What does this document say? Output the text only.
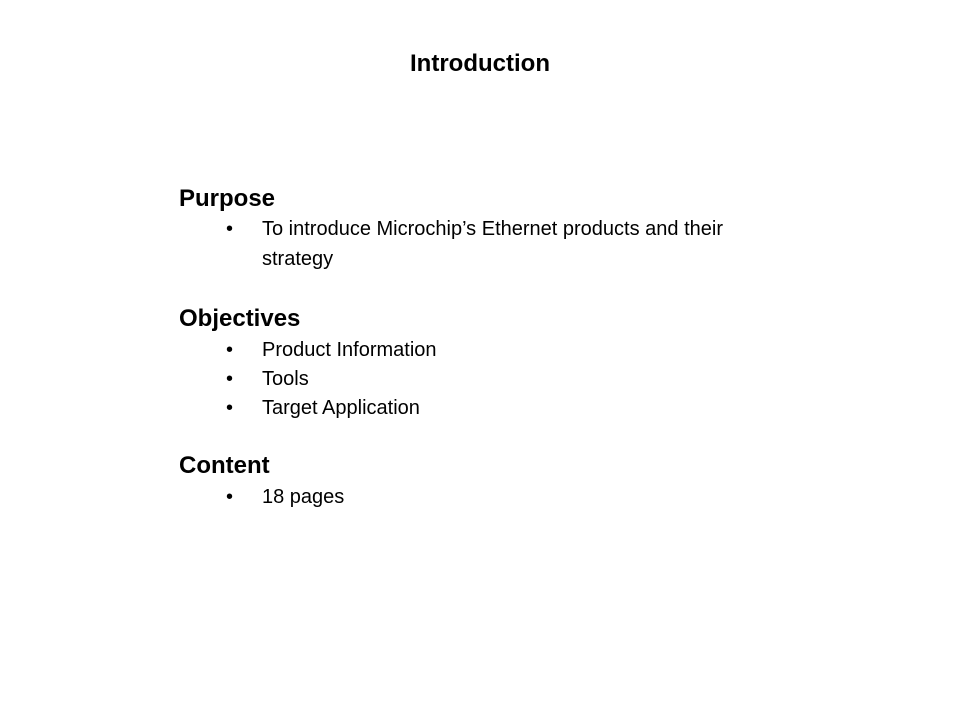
Introduction
Purpose
• To introduce Microchip’s Ethernet products and their strategy
Objectives
• Product Information
• Tools
• Target Application
Content
• 18 pages
